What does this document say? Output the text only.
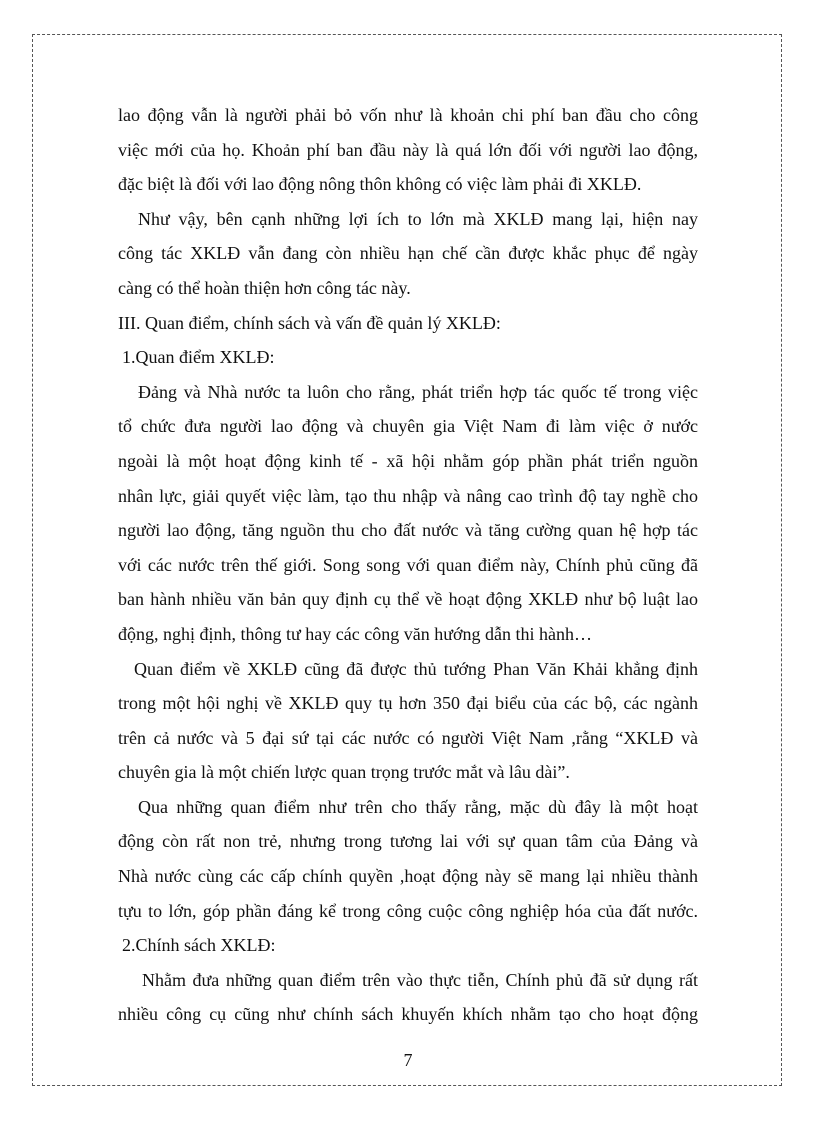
lao động vẫn là người phải bỏ vốn như là khoản chi phí ban đầu cho công
việc mới của họ. Khoản phí ban đầu này là quá lớn đối với người lao động,
đặc biệt là đối với lao động nông thôn không có việc làm phải đi XKLĐ.
Như vậy, bên cạnh những lợi ích to lớn mà XKLĐ mang lại, hiện nay
công tác XKLĐ vẫn đang còn nhiều hạn chế cần được khắc phục để ngày
càng có thể hoàn thiện hơn công tác này.
III. Quan điểm, chính sách và vấn đề quản lý XKLĐ:
1.Quan điểm XKLĐ:
Đảng và Nhà nước ta luôn cho rằng, phát triển hợp tác quốc tế trong việc
tổ chức đưa người lao động và chuyên gia Việt Nam đi làm việc ở nước
ngoài là một hoạt động kinh tế - xã hội nhằm góp phần phát triển nguồn
nhân lực, giải quyết việc làm, tạo thu nhập và nâng cao trình độ tay nghề cho
người lao động, tăng nguồn thu cho đất nước và tăng cường quan hệ hợp tác
với các nước trên thế giới. Song song với quan điểm này, Chính phủ cũng đã
ban hành nhiều văn bản quy định cụ thể về hoạt động XKLĐ như bộ luật lao
động, nghị định, thông tư hay các công văn hướng dẫn thi hành…
Quan điểm về XKLĐ cũng đã được thủ tướng Phan Văn Khải khẳng định
trong một hội nghị về XKLĐ quy tụ hơn 350 đại biểu của các bộ, các ngành
trên cả nước và 5 đại sứ tại các nước có người Việt Nam ,rằng “XKLĐ và
chuyên gia là một chiến lược quan trọng trước mắt và lâu dài”.
Qua những quan điểm như trên cho thấy rằng, mặc dù đây là một hoạt
động còn rất non trẻ, nhưng trong tương lai với sự quan tâm của Đảng và
Nhà nước cùng các cấp chính quyền ,hoạt động này sẽ mang lại nhiều thành
tựu to lớn, góp phần đáng kể trong công cuộc công nghiệp hóa của đất nước.
2.Chính sách XKLĐ:
Nhằm đưa những quan điểm trên vào thực tiễn, Chính phủ đã sử dụng rất
nhiều công cụ cũng như chính sách khuyến khích nhằm tạo cho hoạt động
7
